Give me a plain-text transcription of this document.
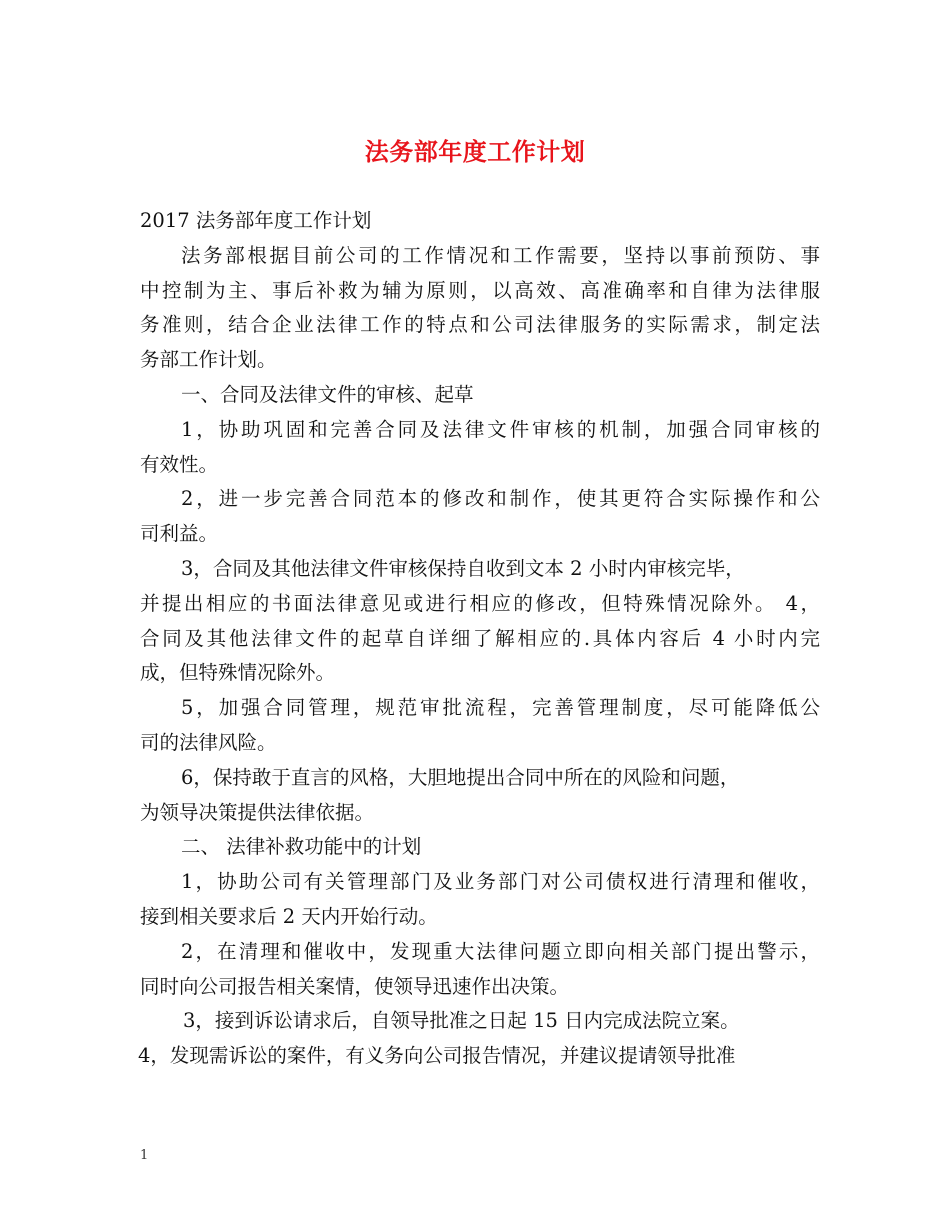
法务部年度工作计划
2017 法务部年度工作计划
法务部根据目前公司的工作情况和工作需要，坚持以事前预防、事
中控制为主、事后补救为辅为原则，以高效、高准确率和自律为法律服
务准则，结合企业法律工作的特点和公司法律服务的实际需求，制定法
务部工作计划。
一、合同及法律文件的审核、起草
1，协助巩固和完善合同及法律文件审核的机制，加强合同审核的
有效性。
2，进一步完善合同范本的修改和制作，使其更符合实际操作和公
司利益。
3，合同及其他法律文件审核保持自收到文本 2 小时内审核完毕，
并提出相应的书面法律意见或进行相应的修改，但特殊情况除外。 4，
合同及其他法律文件的起草自详细了解相应的.具体内容后 4 小时内完
成，但特殊情况除外。
5，加强合同管理，规范审批流程，完善管理制度，尽可能降低公
司的法律风险。
6，保持敢于直言的风格，大胆地提出合同中所在的风险和问题，
为领导决策提供法律依据。
二、 法律补救功能中的计划
1，协助公司有关管理部门及业务部门对公司债权进行清理和催收，
接到相关要求后 2 天内开始行动。
2，在清理和催收中，发现重大法律问题立即向相关部门提出警示，
同时向公司报告相关案情，使领导迅速作出决策。
3，接到诉讼请求后，自领导批准之日起 15 日内完成法院立案。
4，发现需诉讼的案件，有义务向公司报告情况，并建议提请领导批准
1
